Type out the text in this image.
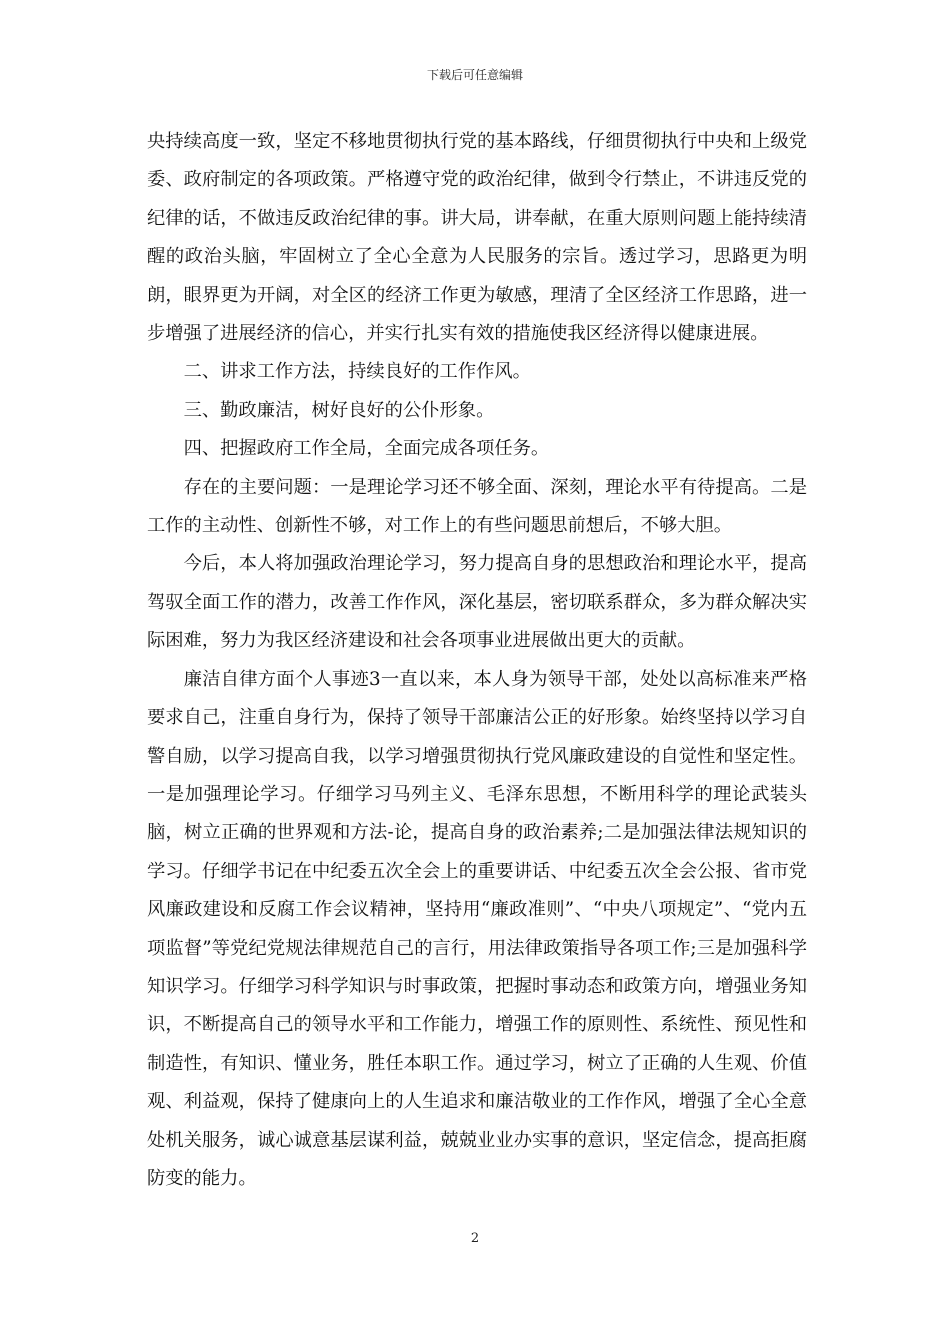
下载后可任意编辑

央持续高度一致，坚定不移地贯彻执行党的基本路线，仔细贯彻执行中央和上级党委、政府制定的各项政策。严格遵守党的政治纪律，做到令行禁止，不讲违反党的纪律的话，不做违反政治纪律的事。讲大局，讲奉献，在重大原则问题上能持续清醒的政治头脑，牢固树立了全心全意为人民服务的宗旨。透过学习，思路更为明朗，眼界更为开阔，对全区的经济工作更为敏感，理清了全区经济工作思路，进一步增强了进展经济的信心，并实行扎实有效的措施使我区经济得以健康进展。

二、讲求工作方法，持续良好的工作作风。

三、勤政廉洁，树好良好的公仆形象。

四、把握政府工作全局，全面完成各项任务。

存在的主要问题：一是理论学习还不够全面、深刻，理论水平有待提高。二是工作的主动性、创新性不够，对工作上的有些问题思前想后，不够大胆。

今后，本人将加强政治理论学习，努力提高自身的思想政治和理论水平，提高驾驭全面工作的潜力，改善工作作风，深化基层，密切联系群众，多为群众解决实际困难，努力为我区经济建设和社会各项事业进展做出更大的贡献。

廉洁自律方面个人事迹3一直以来，本人身为领导干部，处处以高标准来严格要求自己，注重自身行为，保持了领导干部廉洁公正的好形象。始终坚持以学习自警自励，以学习提高自我，以学习增强贯彻执行党风廉政建设的自觉性和坚定性。一是加强理论学习。仔细学习马列主义、毛泽东思想，不断用科学的理论武装头脑，树立正确的世界观和方法-论，提高自身的政治素养;二是加强法律法规知识的学习。仔细学书记在中纪委五次全会上的重要讲话、中纪委五次全会公报、省市党风廉政建设和反腐工作会议精神，坚持用“廉政准则”、“中央八项规定”、“党内五项监督”等党纪党规法律规范自己的言行，用法律政策指导各项工作;三是加强科学知识学习。仔细学习科学知识与时事政策，把握时事动态和政策方向，增强业务知识，不断提高自己的领导水平和工作能力，增强工作的原则性、系统性、预见性和制造性，有知识、懂业务，胜任本职工作。通过学习，树立了正确的人生观、价值观、利益观，保持了健康向上的人生追求和廉洁敬业的工作作风，增强了全心全意处机关服务，诚心诚意基层谋利益，兢兢业业办实事的意识，坚定信念，提高拒腐防变的能力。

2
